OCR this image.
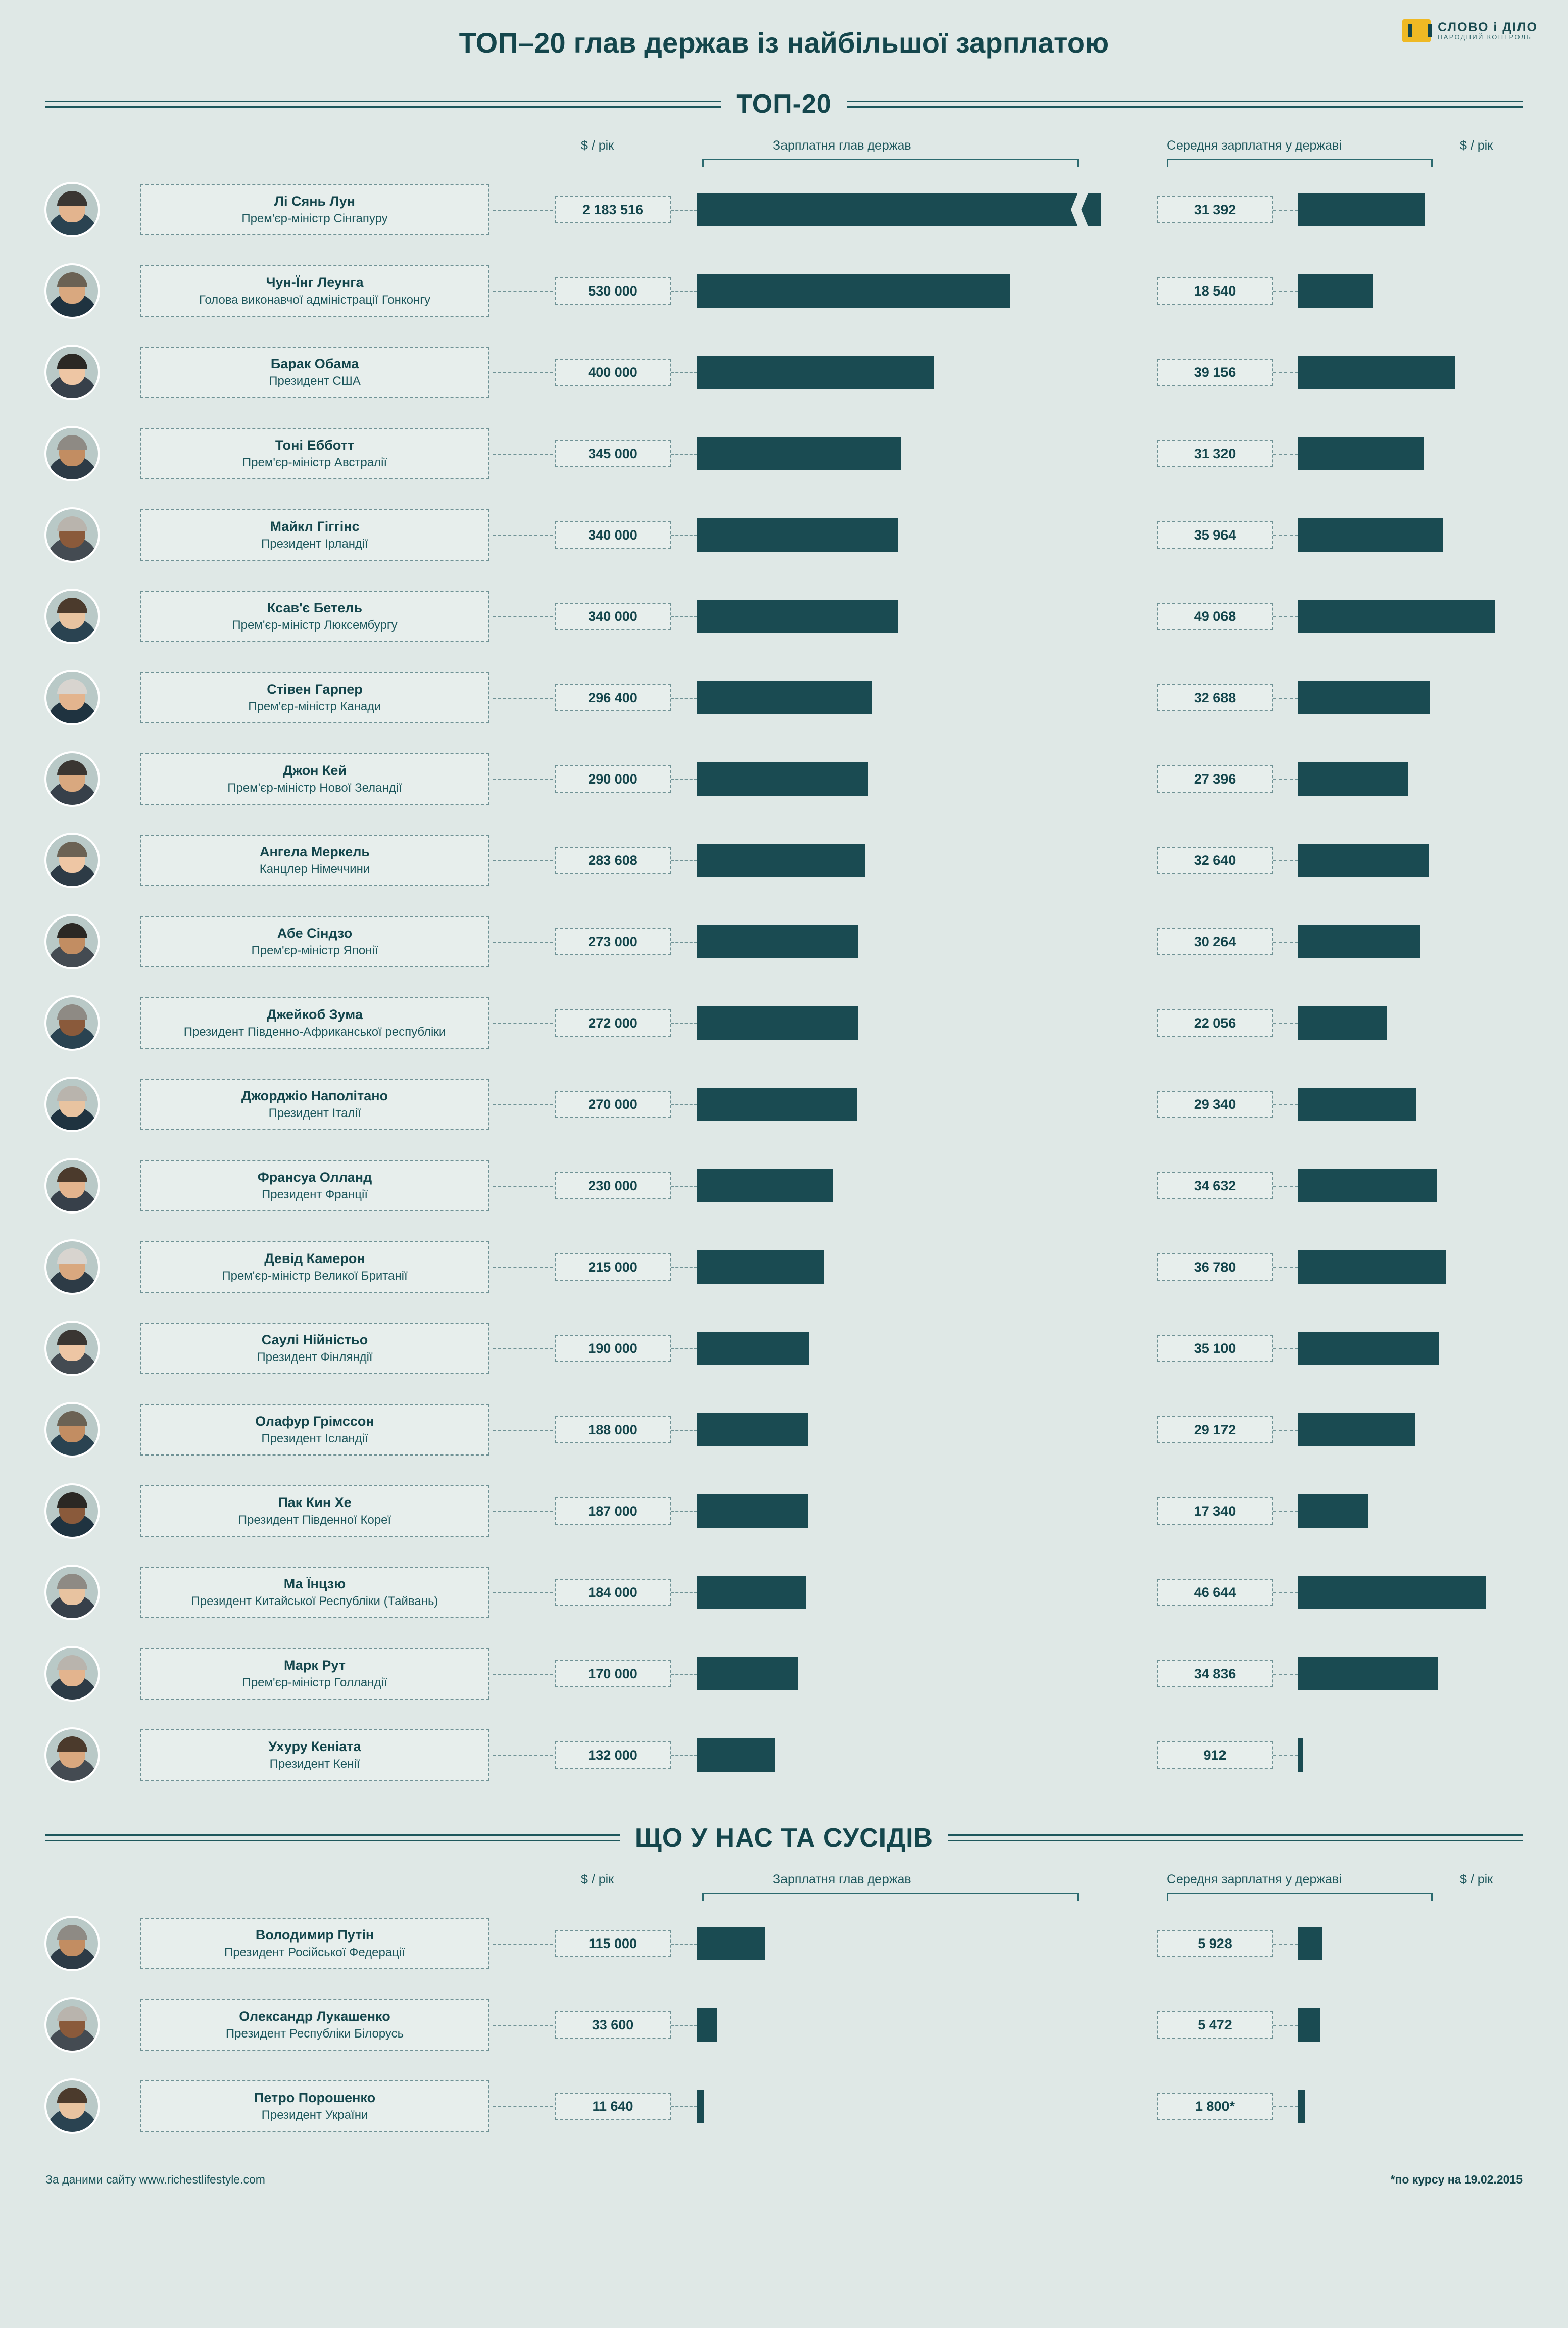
ТОП–20 глав держав із найбільшої зарплатою	СЛОВО і ДІЛО
НАРОДНИЙ КОНТРОЛЬ
ТОП-20
$ / рік	Зарплатня глав держав	Середня зарплатня у державі	$ / рік
Лі Сянь Лун
Прем'єр-міністр Сінгапуру
2 183 516	31 392
Чун-Їнг Леунга
Голова виконавчої адміністрації Гонконгу
530 000	18 540
Барак Обама
Президент США
400 000	39 156
Тоні Ебботт
Прем'єр-міністр Австралії
345 000	31 320
Майкл Гіггінс
Президент Ірландії
340 000	35 964
Ксав'є Бетель
Прем'єр-міністр Люксембургу
340 000	49 068
Стівен Гарпер
Прем'єр-міністр Канади
296 400	32 688
Джон Кей
Прем'єр-міністр Нової Зеландії
290 000	27 396
Ангела Меркель
Канцлер Німеччини
283 608	32 640
Абе Сіндзо
Прем'єр-міністр Японії
273 000	30 264
Джейкоб Зума
Президент Південно-Африканської республіки
272 000	22 056
Джорджіо Наполітано
Президент Італії
270 000	29 340
Франсуа Олланд
Президент Франції
230 000	34 632
Девід Камерон
Прем'єр-міністр Великої Британії
215 000	36 780
Саулі Нійністьо
Президент Фінляндії
190 000	35 100
Олафур Грімссон
Президент Ісландії
188 000	29 172
Пак Кин Хе
Президент Південної Кореї
187 000	17 340
Ма Їнцзю
Президент Китайської Республіки (Тайвань)
184 000	46 644
Марк Рут
Прем'єр-міністр Голландії
170 000	34 836
Ухуру Кеніата
Президент Кенії
132 000	912
ЩО У НАС ТА СУСІДІВ
$ / рік	Зарплатня глав держав	Середня зарплатня у державі	$ / рік
Володимир Путін
Президент Російської Федерації
115 000	5 928
Олександр Лукашенко
Президент Республіки Білорусь
33 600	5 472
Петро Порошенко
Президент України
11 640	1 800*
За даними сайту www.richestlifestyle.com	*по курсу на 19.02.2015
